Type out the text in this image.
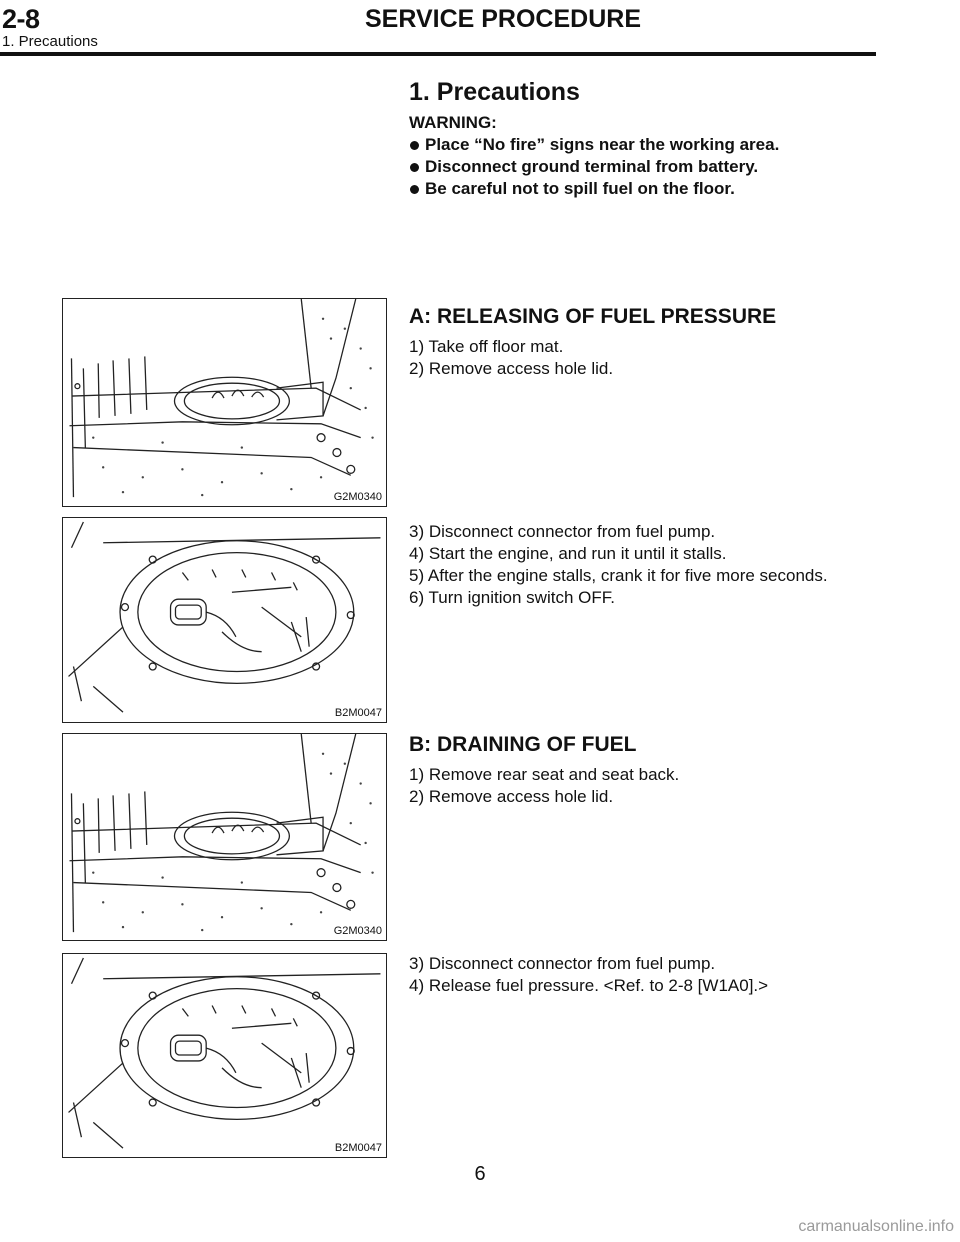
2-8	SERVICE PROCEDURE
1. Precautions
1. Precautions
WARNING:
Place “No fire” signs near the working area.
Disconnect ground terminal from battery.
Be careful not to spill fuel on the floor.
G2M0340
B2M0047
G2M0340
B2M0047
A: RELEASING OF FUEL PRESSURE
1) Take off floor mat.
2) Remove access hole lid.
3) Disconnect connector from fuel pump.
4) Start the engine, and run it until it stalls.
5) After the engine stalls, crank it for five more seconds.
6) Turn ignition switch OFF.
B: DRAINING OF FUEL
1) Remove rear seat and seat back.
2) Remove access hole lid.
3) Disconnect connector from fuel pump.
4) Release fuel pressure. <Ref. to 2-8 [W1A0].>
6
carmanualsonline.info
